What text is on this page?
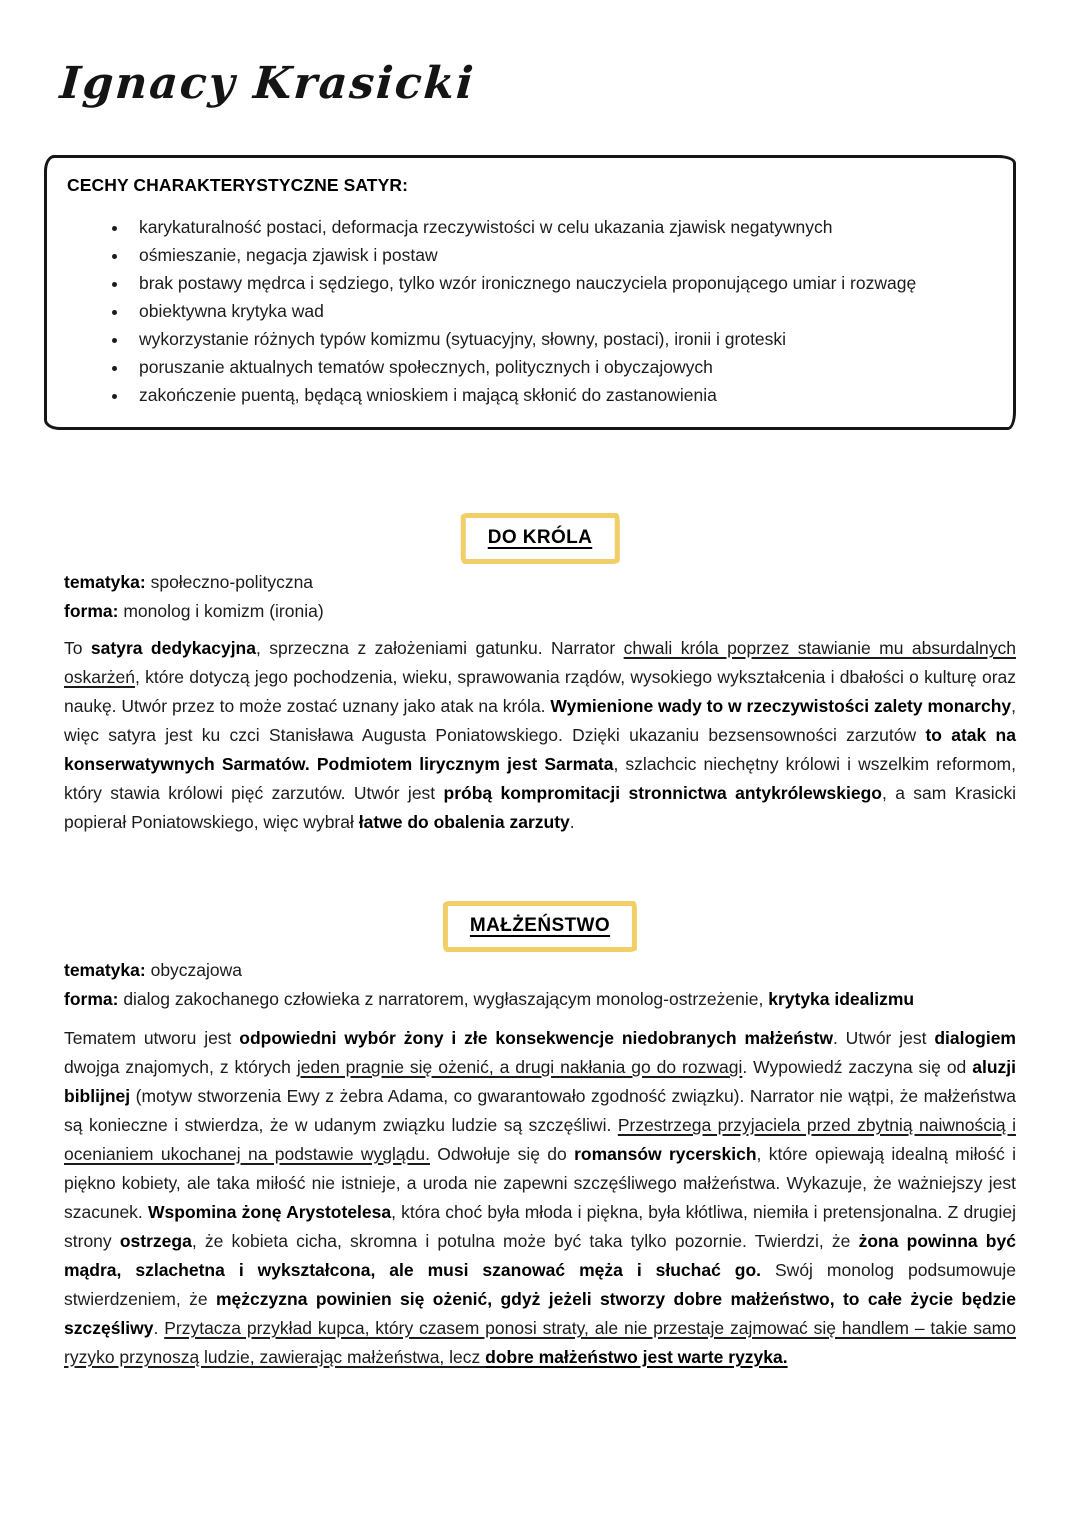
Ignacy Krasicki
CECHY CHARAKTERYSTYCZNE SATYR:
• karykaturalność postaci, deformacja rzeczywistości w celu ukazania zjawisk negatywnych
• ośmieszanie, negacja zjawisk i postaw
• brak postawy mędrca i sędziego, tylko wzór ironicznego nauczyciela proponującego umiar i rozwagę
• obiektywna krytyka wad
• wykorzystanie różnych typów komizmu (sytuacyjny, słowny, postaci), ironii i groteski
• poruszanie aktualnych tematów społecznych, politycznych i obyczajowych
• zakończenie puentą, będącą wnioskiem i mającą skłonić do zastanowienia
DO KRÓLA

tematyka: społeczno-polityczna

forma: monolog i komizm (ironia)

To satyra dedykacyjna, sprzeczna z założeniami gatunku. Narrator chwali króla poprzez stawianie mu absurdalnych oskarżeń, które dotyczą jego pochodzenia, wieku, sprawowania rządów, wysokiego wykształcenia i dbałości o kulturę oraz naukę. Utwór przez to może zostać uznany jako atak na króla. Wymienione wady to w rzeczywistości zalety monarchy, więc satyra jest ku czci Stanisława Augusta Poniatowskiego. Dzięki ukazaniu bezsensowności zarzutów to atak na konserwatywnych Sarmatów. Podmiotem lirycznym jest Sarmata, szlachcic niechętny królowi i wszelkim reformom, który stawia królowi pięć zarzutów. Utwór jest próbą kompromitacji stronnictwa antykrólewskiego, a sam Krasicki popierał Poniatowskiego, więc wybrał łatwe do obalenia zarzuty.

MAŁŻEŃSTWO

tematyka: obyczajowa

forma: dialog zakochanego człowieka z narratorem, wygłaszającym monolog-ostrzeżenie, krytyka idealizmu

Tematem utworu jest odpowiedni wybór żony i złe konsekwencje niedobranych małżeństw. Utwór jest dialogiem dwojga znajomych, z których jeden pragnie się ożenić, a drugi nakłania go do rozwagi. Wypowiedź zaczyna się od aluzji biblijnej (motyw stworzenia Ewy z żebra Adama, co gwarantowało zgodność związku). Narrator nie wątpi, że małżeństwa są konieczne i stwierdza, że w udanym związku ludzie są szczęśliwi. Przestrzega przyjaciela przed zbytnią naiwnością i ocenianiem ukochanej na podstawie wyglądu. Odwołuje się do romansów rycerskich, które opiewają idealną miłość i piękno kobiety, ale taka miłość nie istnieje, a uroda nie zapewni szczęśliwego małżeństwa. Wykazuje, że ważniejszy jest szacunek. Wspomina żonę Arystotelesa, która choć była młoda i piękna, była kłótliwa, niemiła i pretensjonalna. Z drugiej strony ostrzega, że kobieta cicha, skromna i potulna może być taka tylko pozornie. Twierdzi, że żona powinna być mądra, szlachetna i wykształcona, ale musi szanować męża i słuchać go. Swój monolog podsumowuje stwierdzeniem, że mężczyzna powinien się ożenić, gdyż jeżeli stworzy dobre małżeństwo, to całe życie będzie szczęśliwy. Przytacza przykład kupca, który czasem ponosi straty, ale nie przestaje zajmować się handlem – takie samo ryzyko przynoszą ludzie, zawierając małżeństwa, lecz dobre małżeństwo jest warte ryzyka.
